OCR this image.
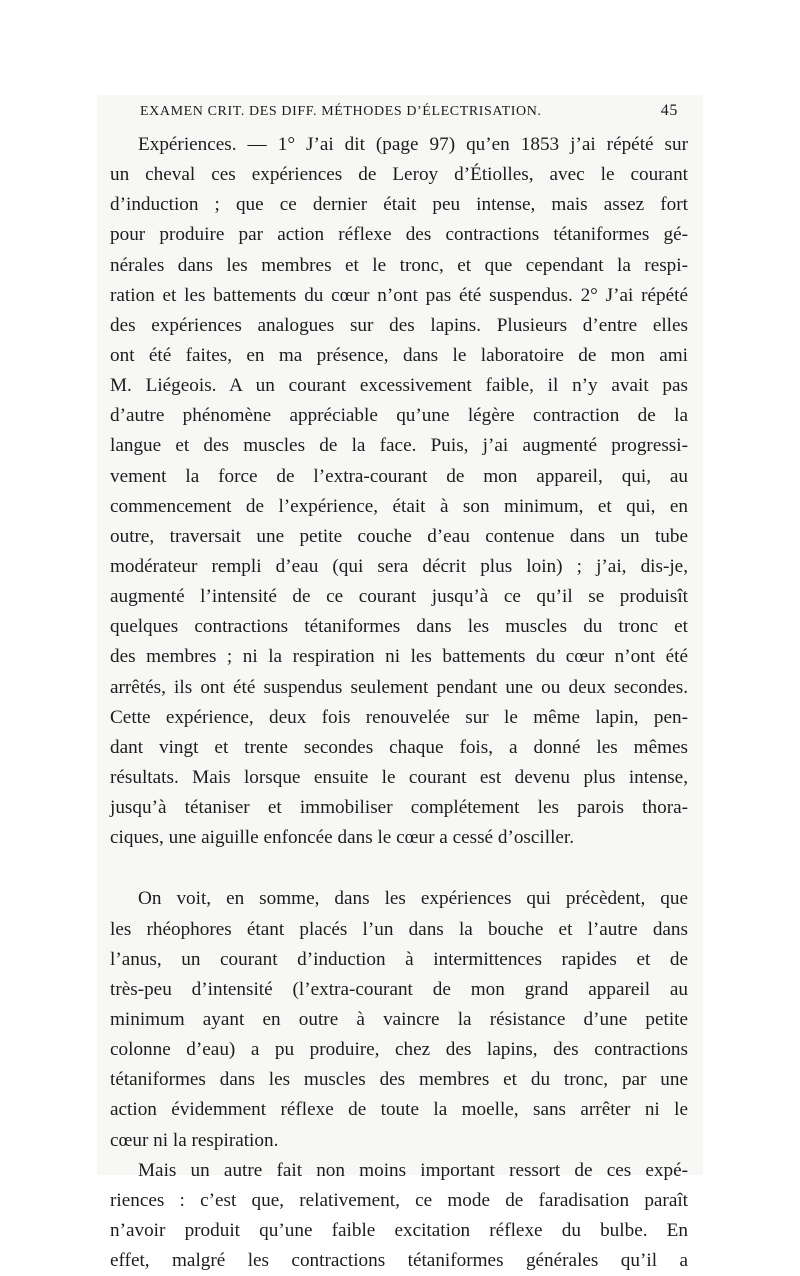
EXAMEN CRIT. DES DIFF. MÉTHODES D’ÉLECTRISATION.	45
Expériences. — 1° J’ai dit (page 97) qu’en 1853 j’ai répété sur
un cheval ces expériences de Leroy d’Étiolles, avec le courant
d’induction ; que ce dernier était peu intense, mais assez fort
pour produire par action réflexe des contractions tétaniformes gé-
nérales dans les membres et le tronc, et que cependant la respi-
ration et les battements du cœur n’ont pas été suspendus. 2° J’ai répété
des expériences analogues sur des lapins. Plusieurs d’entre elles
ont été faites, en ma présence, dans le laboratoire de mon ami
M. Liégeois. A un courant excessivement faible, il n’y avait pas
d’autre phénomène appréciable qu’une légère contraction de la
langue et des muscles de la face. Puis, j’ai augmenté progressi-
vement la force de l’extra-courant de mon appareil, qui, au
commencement de l’expérience, était à son minimum, et qui, en
outre, traversait une petite couche d’eau contenue dans un tube
modérateur rempli d’eau (qui sera décrit plus loin) ; j’ai, dis-je,
augmenté l’intensité de ce courant jusqu’à ce qu’il se produisît
quelques contractions tétaniformes dans les muscles du tronc et
des membres ; ni la respiration ni les battements du cœur n’ont été
arrêtés, ils ont été suspendus seulement pendant une ou deux secondes.
Cette expérience, deux fois renouvelée sur le même lapin, pen-
dant vingt et trente secondes chaque fois, a donné les mêmes
résultats. Mais lorsque ensuite le courant est devenu plus intense,
jusqu’à tétaniser et immobiliser complétement les parois thora-
ciques, une aiguille enfoncée dans le cœur a cessé d’osciller.
On voit, en somme, dans les expériences qui précèdent, que
les rhéophores étant placés l’un dans la bouche et l’autre dans
l’anus, un courant d’induction à intermittences rapides et de
très-peu d’intensité (l’extra-courant de mon grand appareil au
minimum ayant en outre à vaincre la résistance d’une petite
colonne d’eau) a pu produire, chez des lapins, des contractions
tétaniformes dans les muscles des membres et du tronc, par une
action évidemment réflexe de toute la moelle, sans arrêter ni le
cœur ni la respiration.
Mais un autre fait non moins important ressort de ces expé-
riences : c’est que, relativement, ce mode de faradisation paraît
n’avoir produit qu’une faible excitation réflexe du bulbe. En
effet, malgré les contractions tétaniformes générales qu’il a
